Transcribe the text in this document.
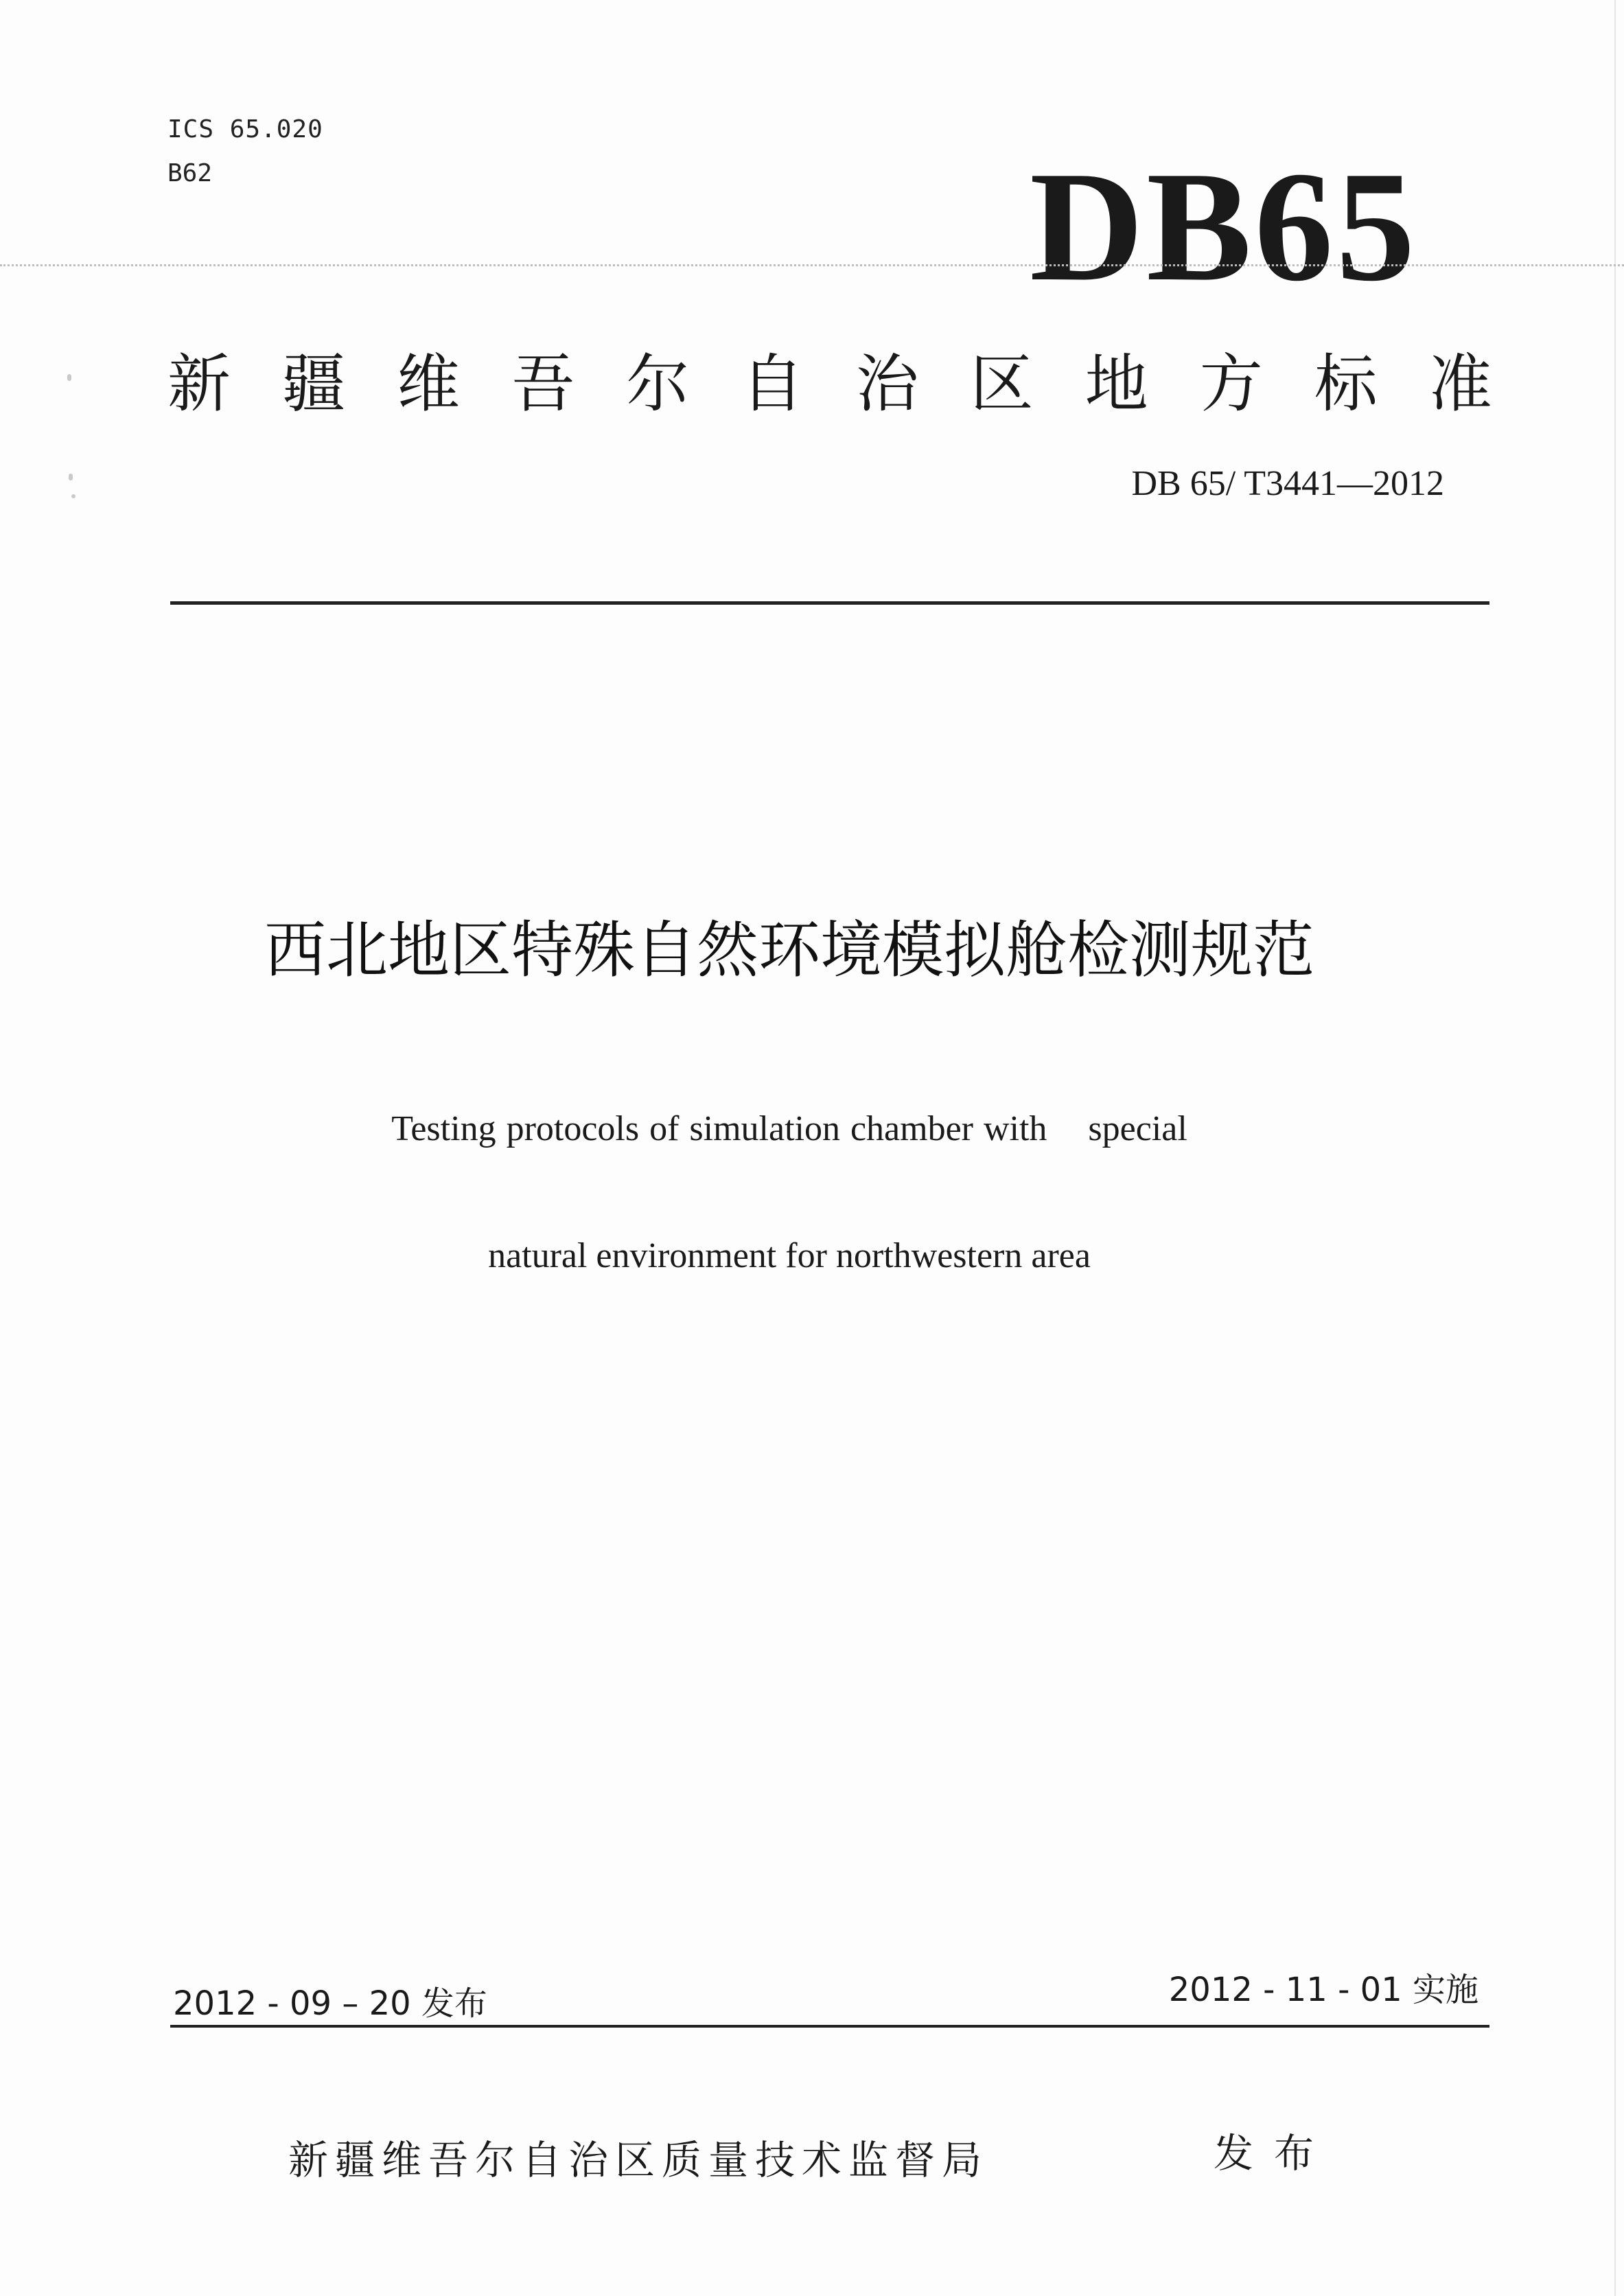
ICS 65.020
B62	DB65
新 疆 维 吾 尔 自 治 区 地 方 标 准
DB 65/ T3441—2012
西北地区特殊自然环境模拟舱检测规范
Testing protocols of simulation chamber with    special
natural environment for northwestern area
2012 - 09 – 20 发布	2012 - 11 - 01 实施
新疆维吾尔自治区质量技术监督局	发布
